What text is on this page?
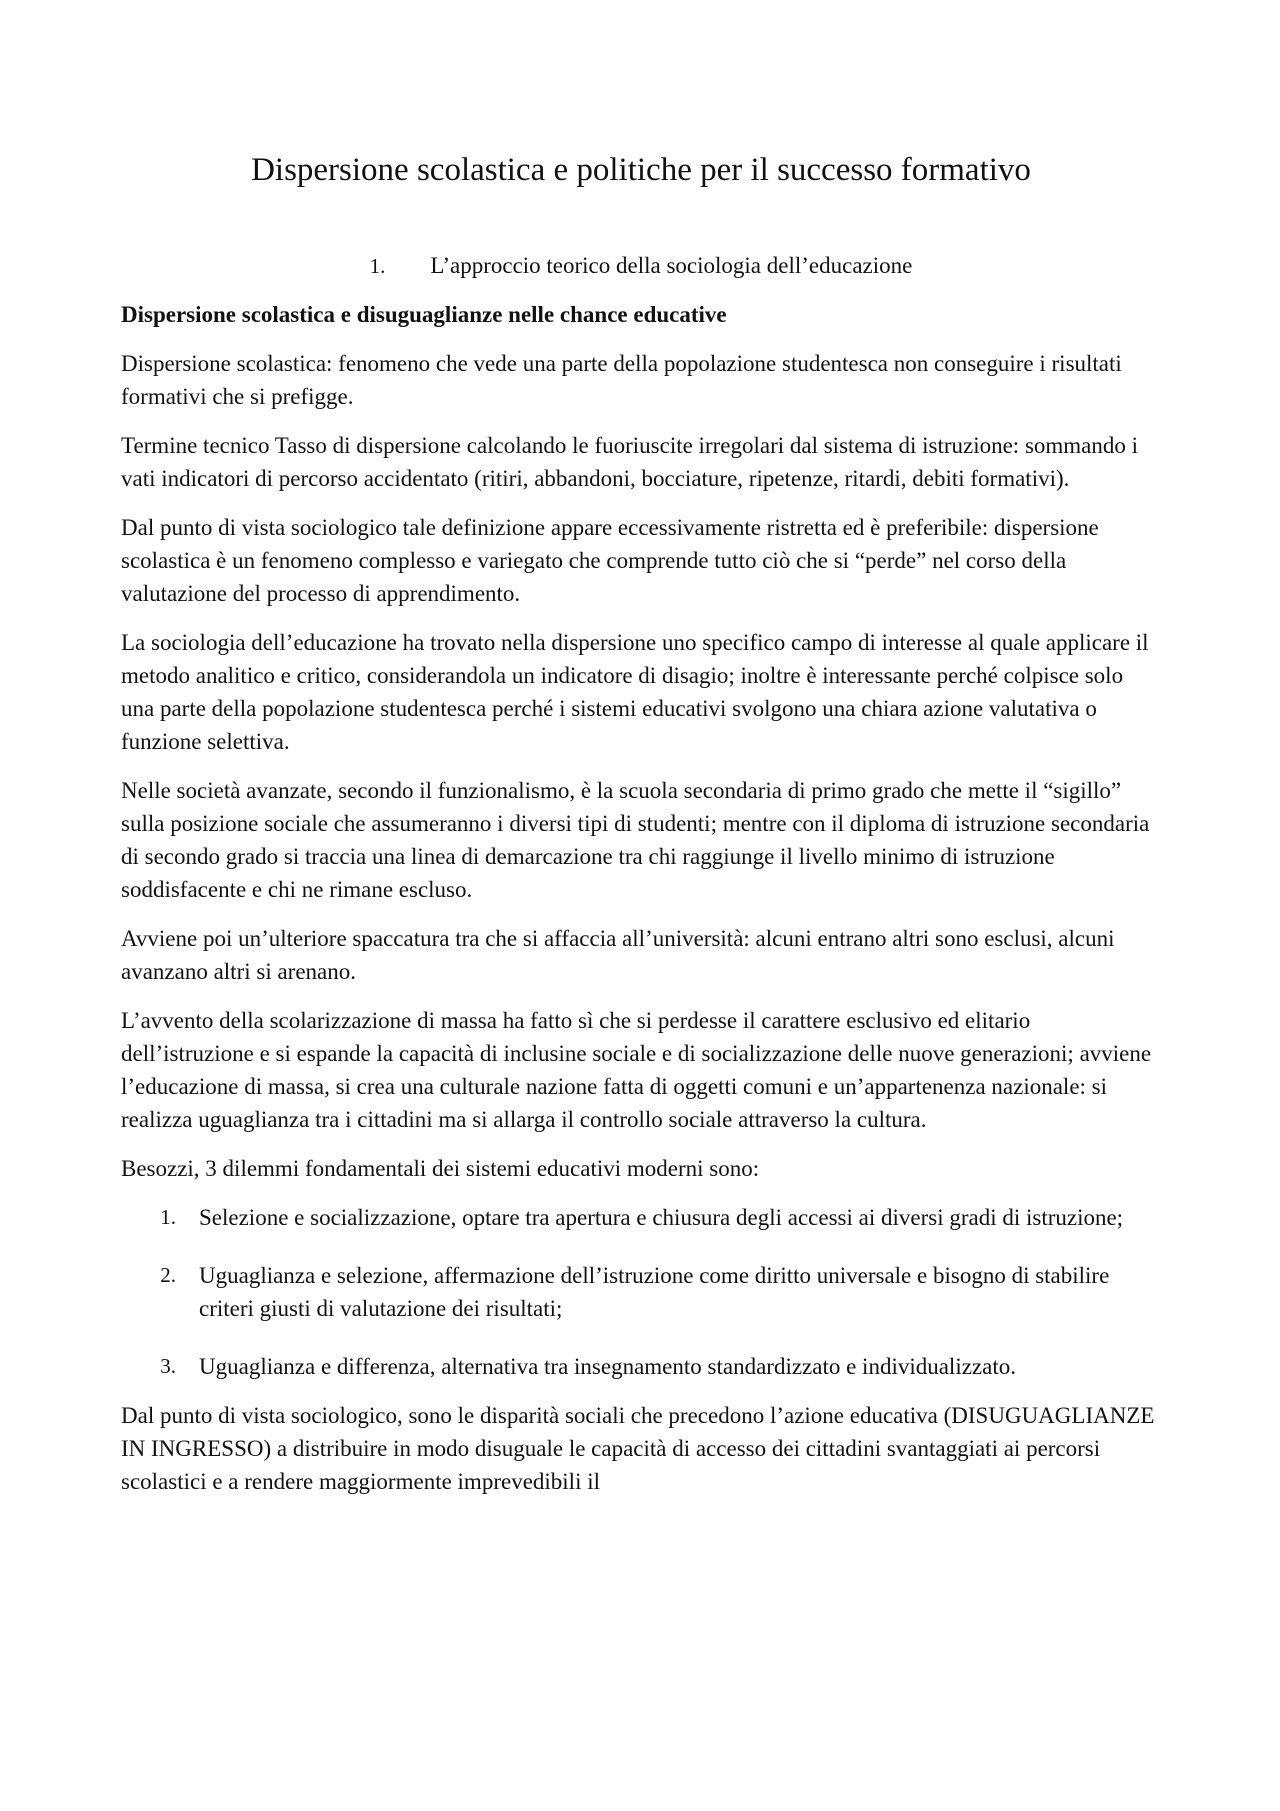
Dispersione scolastica e politiche per il successo formativo
1. L’approccio teorico della sociologia dell’educazione
Dispersione scolastica e disuguaglianze nelle chance educative

Dispersione scolastica: fenomeno che vede una parte della popolazione studentesca non conseguire i risultati formativi che si prefigge.

Termine tecnico Tasso di dispersione calcolando le fuoriuscite irregolari dal sistema di istruzione: sommando i vati indicatori di percorso accidentato (ritiri, abbandoni, bocciature, ripetenze, ritardi, debiti formativi).

Dal punto di vista sociologico tale definizione appare eccessivamente ristretta ed è preferibile: dispersione scolastica è un fenomeno complesso e variegato che comprende tutto ciò che si “perde” nel corso della valutazione del processo di apprendimento.

La sociologia dell’educazione ha trovato nella dispersione uno specifico campo di interesse al quale applicare il metodo analitico e critico, considerandola un indicatore di disagio; inoltre è interessante perché colpisce solo una parte della popolazione studentesca perché i sistemi educativi svolgono una chiara azione valutativa o funzione selettiva.

Nelle società avanzate, secondo il funzionalismo, è la scuola secondaria di primo grado che mette il “sigillo” sulla posizione sociale che assumeranno i diversi tipi di studenti; mentre con il diploma di istruzione secondaria di secondo grado si traccia una linea di demarcazione tra chi raggiunge il livello minimo di istruzione soddisfacente e chi ne rimane escluso.

Avviene poi un’ulteriore spaccatura tra che si affaccia all’università: alcuni entrano altri sono esclusi, alcuni avanzano altri si arenano.

L’avvento della scolarizzazione di massa ha fatto sì che si perdesse il carattere esclusivo ed elitario dell’istruzione e si espande la capacità di inclusine sociale e di socializzazione delle nuove generazioni; avviene l’educazione di massa, si crea una culturale nazione fatta di oggetti comuni e un’appartenenza nazionale: si realizza uguaglianza tra i cittadini ma si allarga il controllo sociale attraverso la cultura.

Besozzi, 3 dilemmi fondamentali dei sistemi educativi moderni sono:

1.	Selezione e socializzazione, optare tra apertura e chiusura degli accessi ai diversi gradi di istruzione;
2.	Uguaglianza e selezione, affermazione dell’istruzione come diritto universale e bisogno di stabilire criteri giusti di valutazione dei risultati;
3.	Uguaglianza e differenza, alternativa tra insegnamento standardizzato e individualizzato.

Dal punto di vista sociologico, sono le disparità sociali che precedono l’azione educativa (DISUGUAGLIANZE IN INGRESSO) a distribuire in modo disuguale le capacità di accesso dei cittadini svantaggiati ai percorsi scolastici e a rendere maggiormente imprevedibili il
